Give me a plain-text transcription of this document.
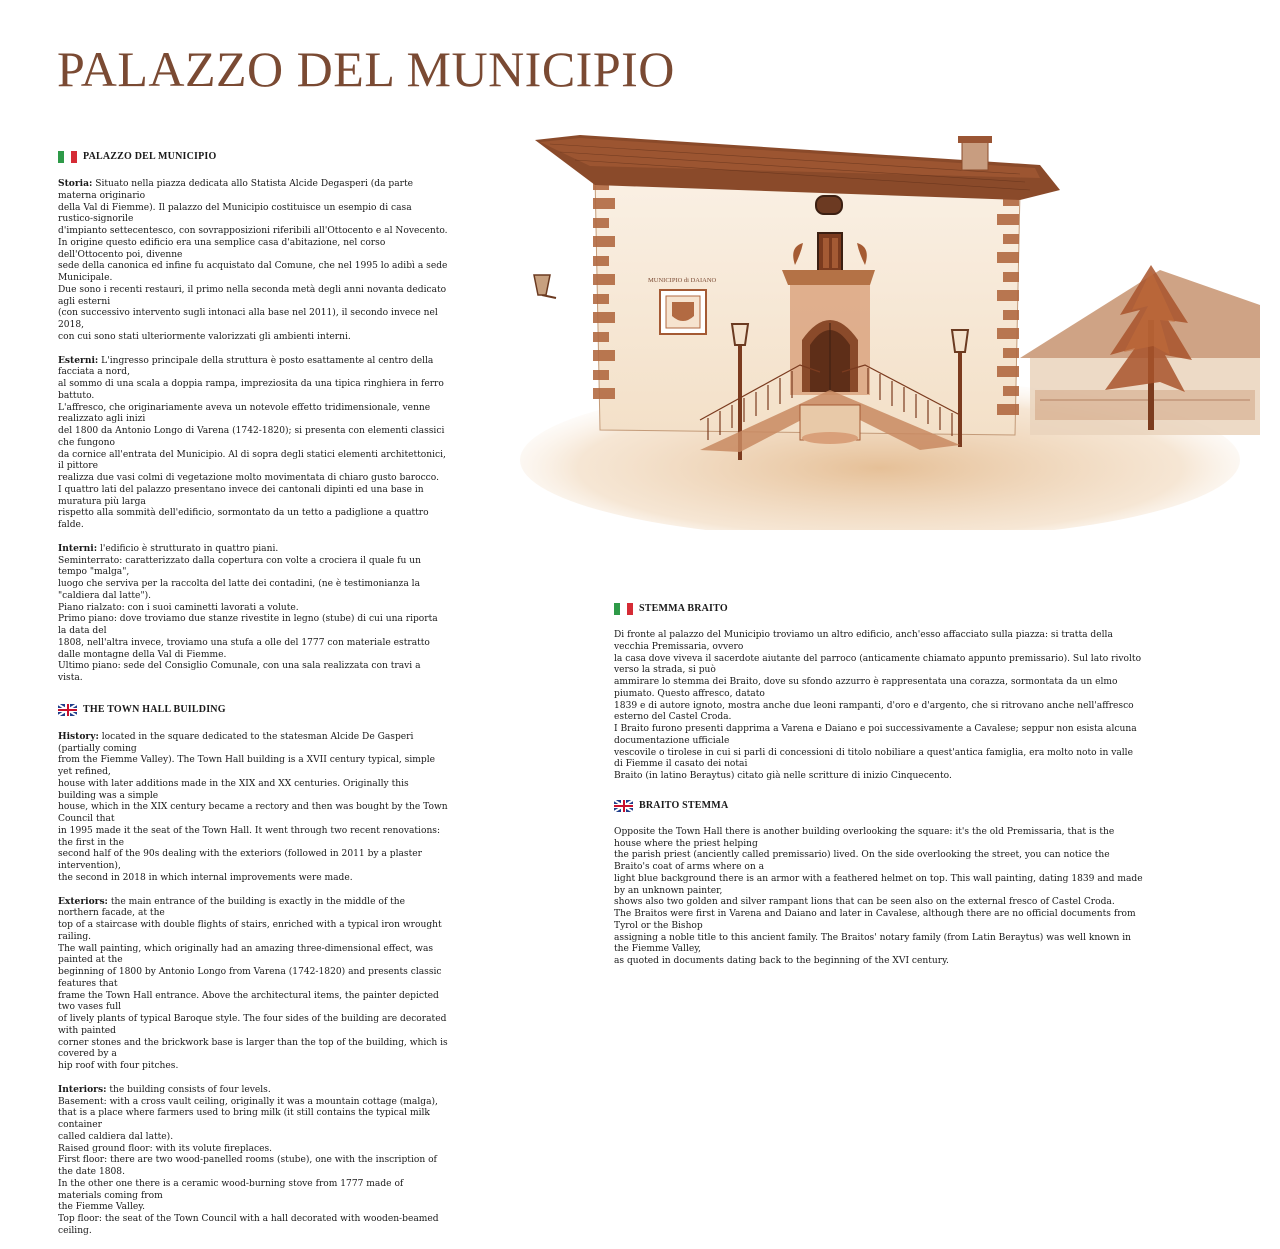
PALAZZO DEL MUNICIPIO
PALAZZO DEL MUNICIPIO

Storia: Situato nella piazza dedicata allo Statista Alcide Degasperi (da parte materna originario
della Val di Fiemme). Il palazzo del Municipio costituisce un esempio di casa rustico-signorile
d'impianto settecentesco, con sovrapposizioni riferibili all'Ottocento e al Novecento.
In origine questo edificio era una semplice casa d'abitazione, nel corso dell'Ottocento poi, divenne
sede della canonica ed infine fu acquistato dal Comune, che nel 1995 lo adibì a sede Municipale.
Due sono i recenti restauri, il primo nella seconda metà degli anni novanta dedicato agli esterni
(con successivo intervento sugli intonaci alla base nel 2011), il secondo invece nel 2018,
con cui sono stati ulteriormente valorizzati gli ambienti interni.

Esterni: L'ingresso principale della struttura è posto esattamente al centro della facciata a nord,
al sommo di una scala a doppia rampa, impreziosita da una tipica ringhiera in ferro battuto.
L'affresco, che originariamente aveva un notevole effetto tridimensionale, venne realizzato agli inizi
del 1800 da Antonio Longo di Varena (1742-1820); si presenta con elementi classici che fungono
da cornice all'entrata del Municipio. Al di sopra degli statici elementi architettonici, il pittore
realizza due vasi colmi di vegetazione molto movimentata di chiaro gusto barocco.
I quattro lati del palazzo presentano invece dei cantonali dipinti ed una base in muratura più larga
rispetto alla sommità dell'edificio, sormontato da un tetto a padiglione a quattro falde.

Interni: l'edificio è strutturato in quattro piani.
Seminterrato: caratterizzato dalla copertura con volte a crociera il quale fu un tempo "malga",
luogo che serviva per la raccolta del latte dei contadini, (ne è testimonianza la "caldiera dal latte").
Piano rialzato: con i suoi caminetti lavorati a volute.
Primo piano: dove troviamo due stanze rivestite in legno (stube) di cui una riporta la data del
1808, nell'altra invece, troviamo una stufa a olle del 1777 con materiale estratto
dalle montagne della Val di Fiemme.
Ultimo piano: sede del Consiglio Comunale, con una sala realizzata con travi a vista.

THE TOWN HALL BUILDING

History: located in the square dedicated to the statesman Alcide De Gasperi (partially coming
from the Fiemme Valley). The Town Hall building is a XVII century typical, simple yet refined,
house with later additions made in the XIX and XX centuries. Originally this building was a simple
house, which in the XIX century became a rectory and then was bought by the Town Council that
in 1995 made it the seat of the Town Hall. It went through two recent renovations: the first in the
second half of the 90s dealing with the exteriors (followed in 2011 by a plaster intervention),
the second in 2018 in which internal improvements were made.

Exteriors: the main entrance of the building is exactly in the middle of the northern facade, at the
top of a staircase with double flights of stairs, enriched with a typical iron wrought railing.
The wall painting, which originally had an amazing three-dimensional effect, was painted at the
beginning of 1800 by Antonio Longo from Varena (1742-1820) and presents classic features that
frame the Town Hall entrance. Above the architectural items, the painter depicted two vases full
of lively plants of typical Baroque style. The four sides of the building are decorated with painted
corner stones and the brickwork base is larger than the top of the building, which is covered by a
hip roof with four pitches.

Interiors: the building consists of four levels.
Basement: with a cross vault ceiling, originally it was a mountain cottage (malga),
that is a place where farmers used to bring milk (it still contains the typical milk container
called caldiera dal latte).
Raised ground floor: with its volute fireplaces.
First floor: there are two wood-panelled rooms (stube), one with the inscription of the date 1808.
In the other one there is a ceramic wood-burning stove from 1777 made of materials coming from
the Fiemme Valley.
Top floor: the seat of the Town Council with a hall decorated with wooden-beamed ceiling.

MUNICIPIO di DAIANO
STEMMA BRAITO

Di fronte al palazzo del Municipio troviamo un altro edificio, anch'esso affacciato sulla piazza: si tratta della vecchia Premissaria, ovvero
la casa dove viveva il sacerdote aiutante del parroco (anticamente chiamato appunto premissario). Sul lato rivolto verso la strada, si può
ammirare lo stemma dei Braito, dove su sfondo azzurro è rappresentata una corazza, sormontata da un elmo piumato. Questo affresco, datato
1839 e di autore ignoto, mostra anche due leoni rampanti, d'oro e d'argento, che si ritrovano anche nell'affresco esterno del Castel Croda.
I Braito furono presenti dapprima a Varena e Daiano e poi successivamente a Cavalese; seppur non esista alcuna documentazione ufficiale
vescovile o tirolese in cui si parli di concessioni di titolo nobiliare a quest'antica famiglia, era molto noto in valle di Fiemme il casato dei notai
Braito (in latino Beraytus) citato già nelle scritture di inizio Cinquecento.

BRAITO STEMMA

Opposite the Town Hall there is another building overlooking the square: it's the old Premissaria, that is the house where the priest helping
the parish priest (anciently called premissario) lived. On the side overlooking the street, you can notice the Braito's coat of arms where on a
light blue background there is an armor with a feathered helmet on top. This wall painting, dating 1839 and made by an unknown painter,
shows also two golden and silver rampant lions that can be seen also on the external fresco of Castel Croda.
The Braitos were first in Varena and Daiano and later in Cavalese, although there are no official documents from Tyrol or the Bishop
assigning a noble title to this ancient family. The Braitos' notary family (from Latin Beraytus) was well known in the Fiemme Valley,
as quoted in documents dating back to the beginning of the XVI century.
